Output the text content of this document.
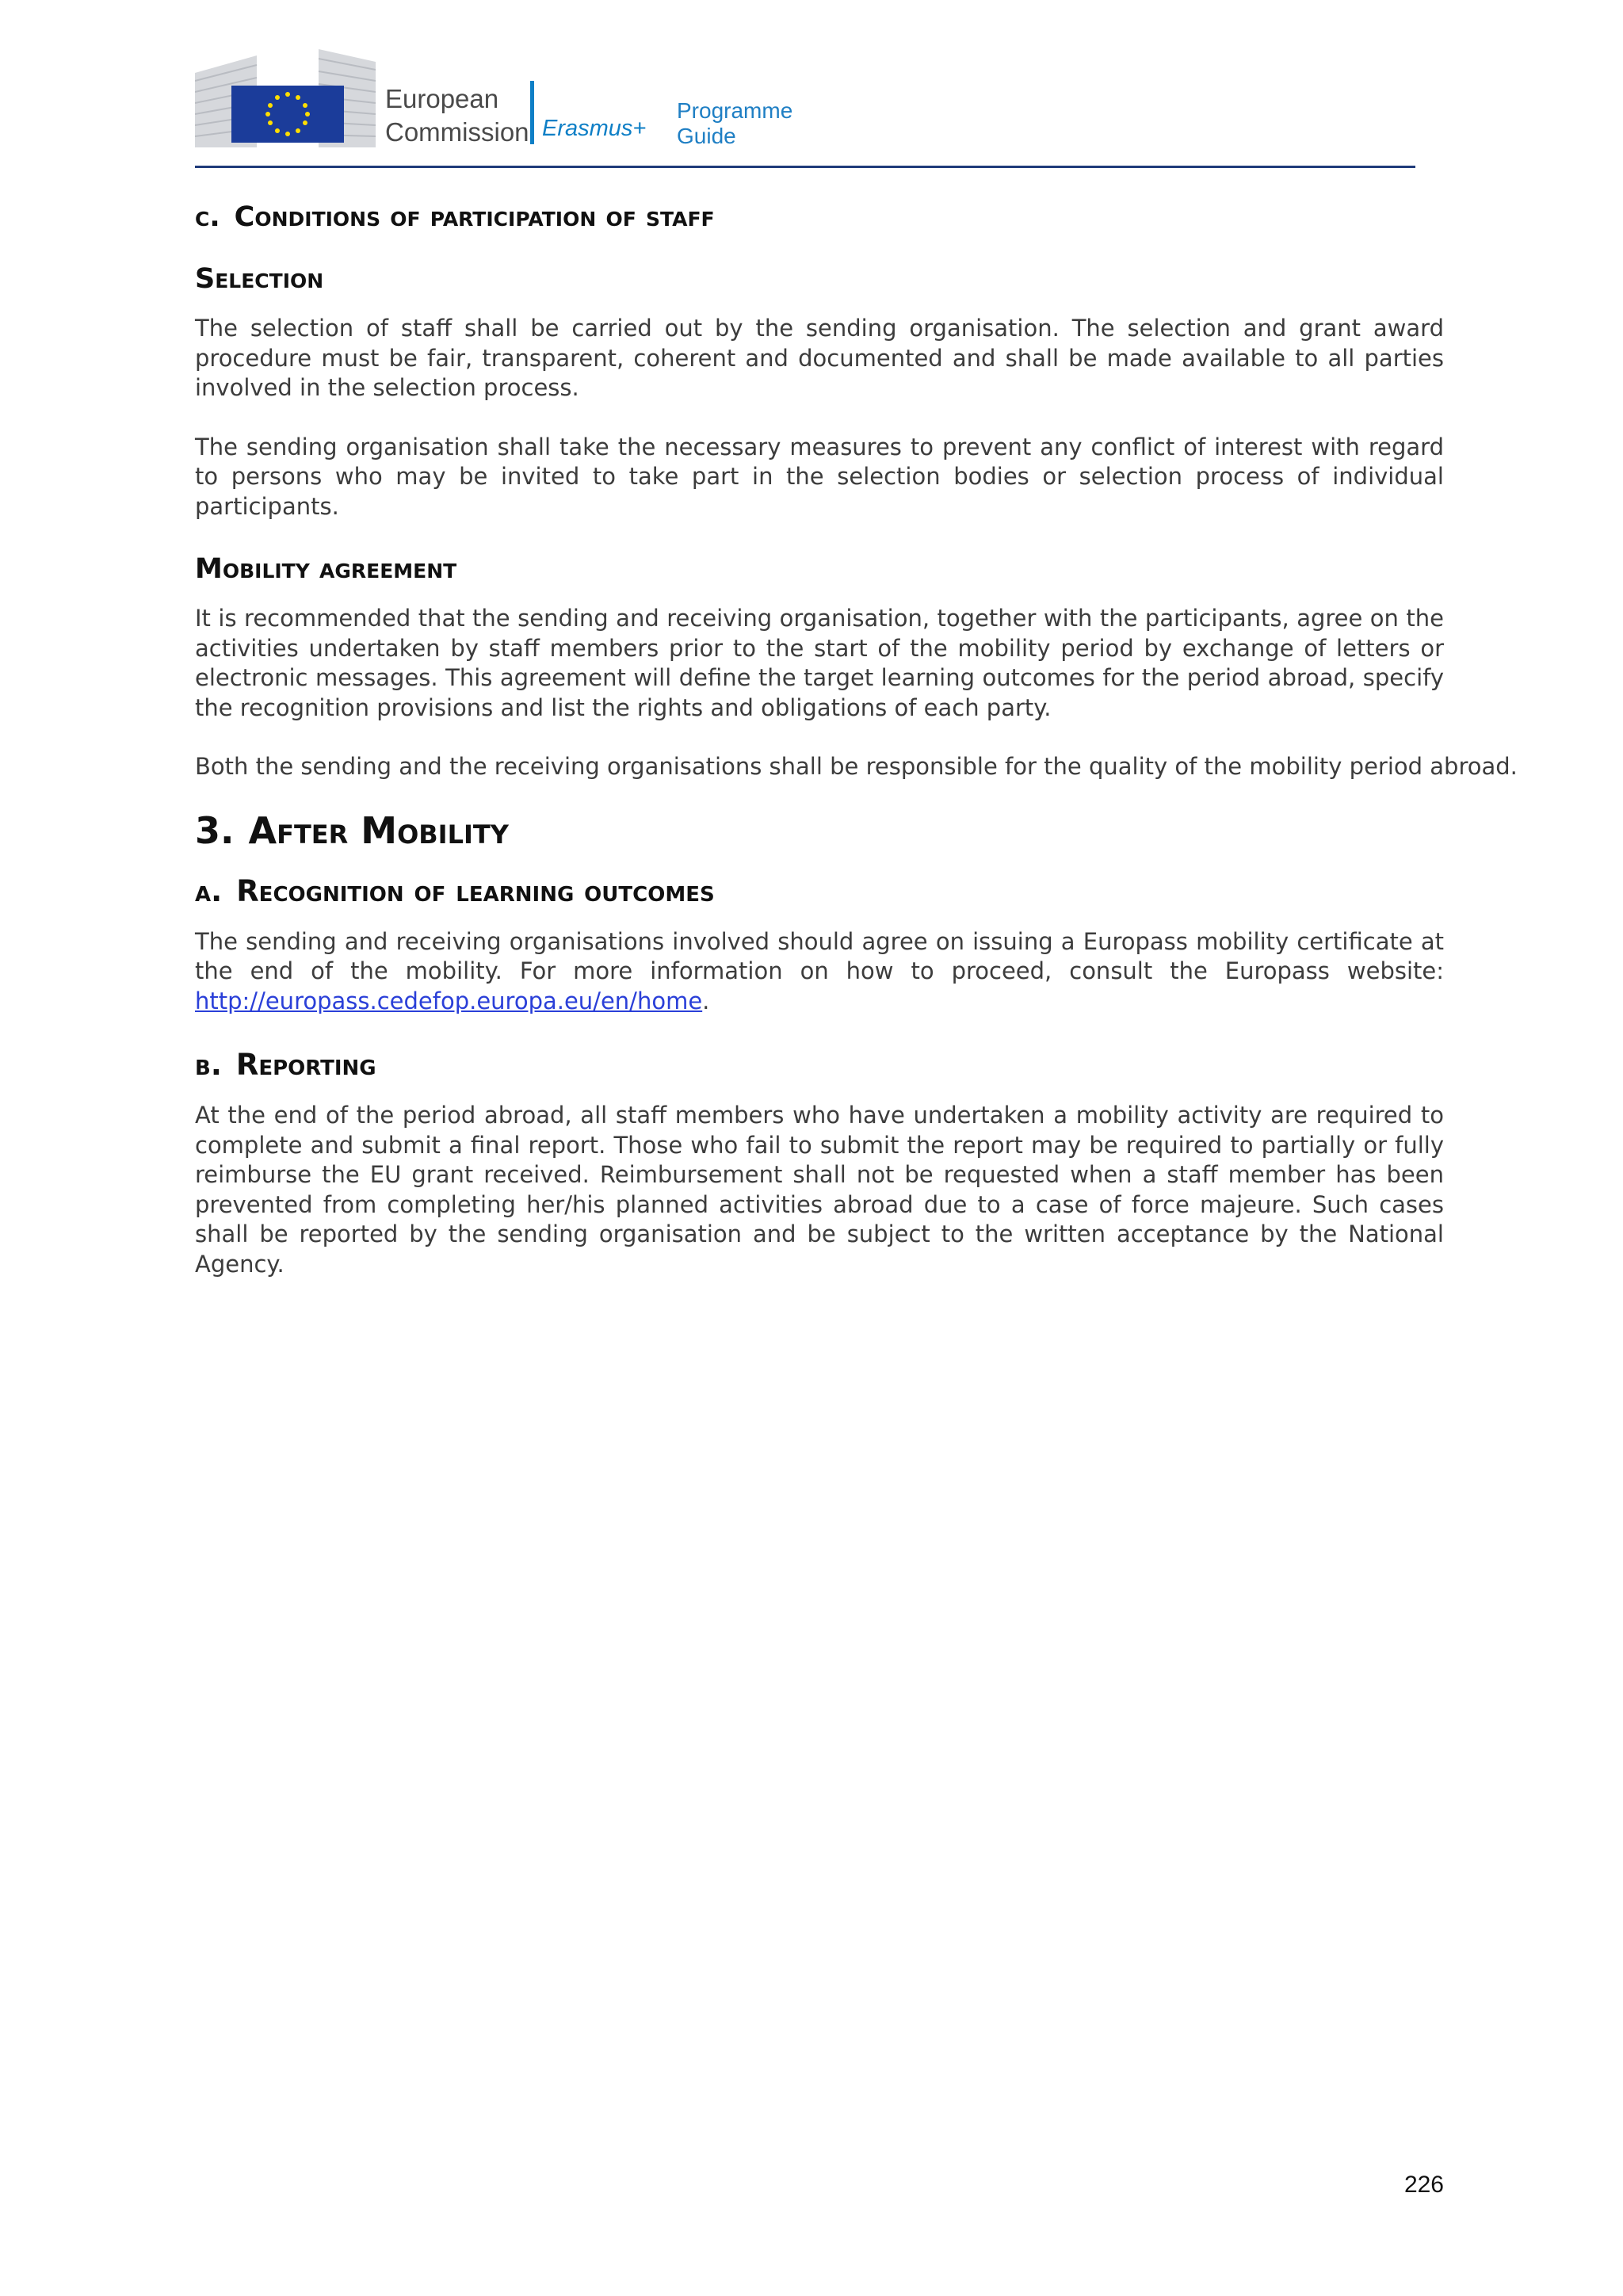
European
Commission Erasmus+
Programme
Guide
c. Conditions of participation of staff
Selection

The selection of staff shall be carried out by the sending organisation. The selection and grant award procedure must be fair, transparent, coherent and documented and shall be made available to all parties involved in the selection process.

The sending organisation shall take the necessary measures to prevent any conflict of interest with regard to persons who may be invited to take part in the selection bodies or selection process of individual participants.

Mobility agreement

It is recommended that the sending and receiving organisation, together with the participants, agree on the activities undertaken by staff members prior to the start of the mobility period by exchange of letters or electronic messages. This agreement will define the target learning outcomes for the period abroad, specify the recognition provisions and list the rights and obligations of each party.

Both the sending and the receiving organisations shall be responsible for the quality of the mobility period abroad.

3. After Mobility
a. Recognition of learning outcomes

The sending and receiving organisations involved should agree on issuing a Europass mobility certificate at the end of the mobility. For more information on how to proceed, consult the Europass website: http://europass.cedefop.europa.eu/en/home.

b. Reporting

At the end of the period abroad, all staff members who have undertaken a mobility activity are required to complete and submit a final report. Those who fail to submit the report may be required to partially or fully reimburse the EU grant received. Reimbursement shall not be requested when a staff member has been prevented from completing her/his planned activities abroad due to a case of force majeure. Such cases shall be reported by the sending organisation and be subject to the written acceptance by the National Agency.

226
